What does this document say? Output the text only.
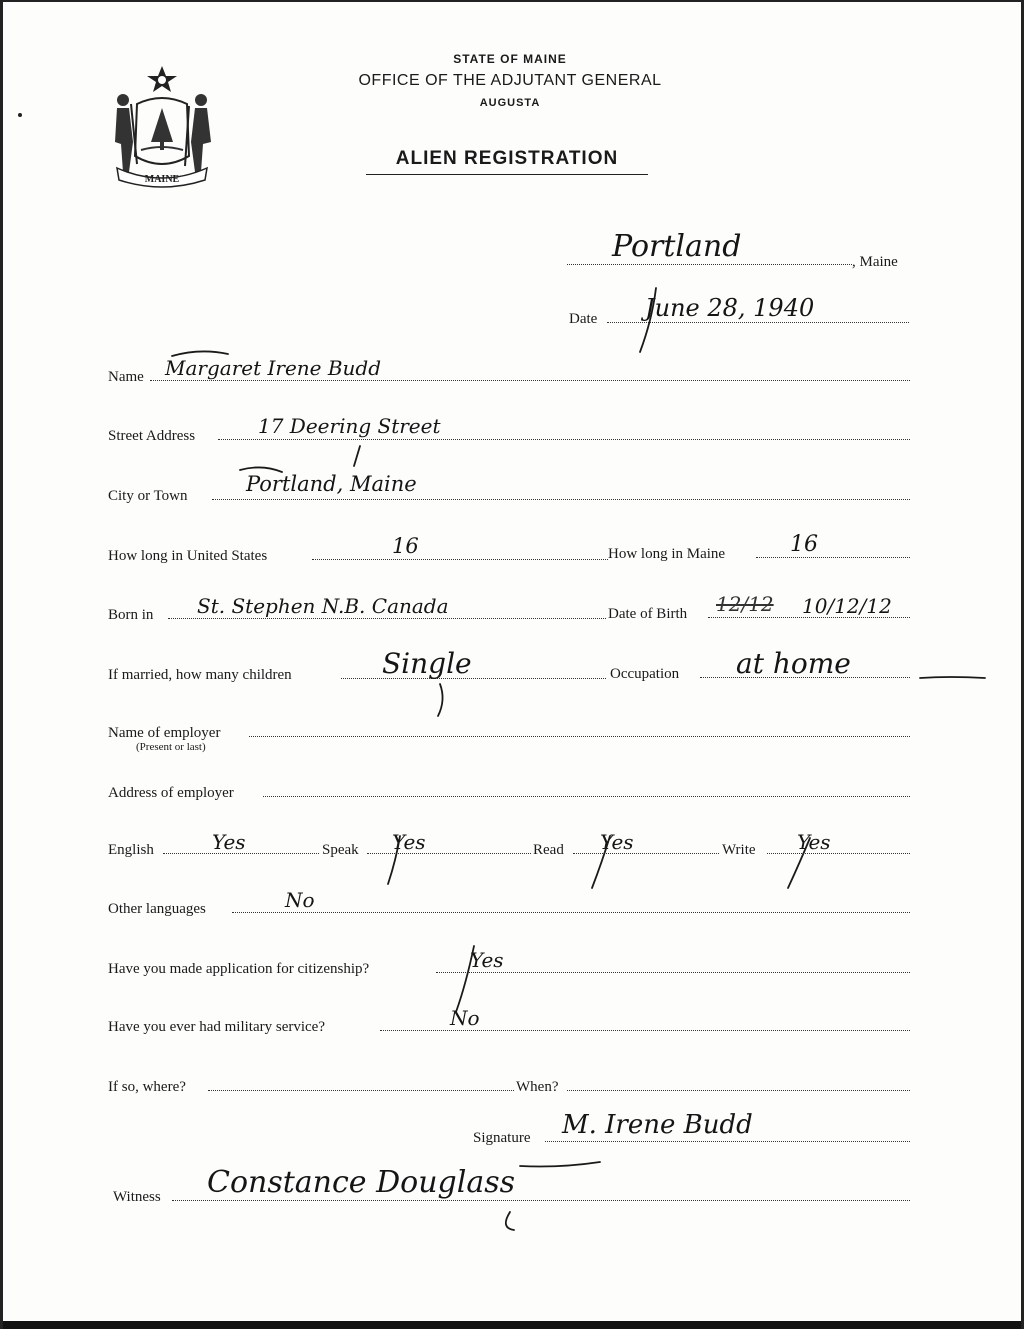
MAINE
STATE OF MAINE
OFFICE OF THE ADJUTANT GENERAL
AUGUSTA
ALIEN REGISTRATION
Portland	, Maine
Date June 28, 1940
Name Margaret Irene Budd
Street Address	17 Deering Street
City or Town	Portland, Maine
How long in United States	16	How long in Maine	16
Born in St. Stephen N.B. Canada	Date of Birth 12/12 10/12/12
If married, how many children	Single	Occupation at home
Name of employer
(Present or last)
Address of employer
English	Yes	Speak Yes	Read Yes	Write Yes
Other languages	No
Have you made application for citizenship?	Yes
Have you ever had military service?	No
If so, where?	When?
Signature M. Irene Budd
Witness Constance Douglass
